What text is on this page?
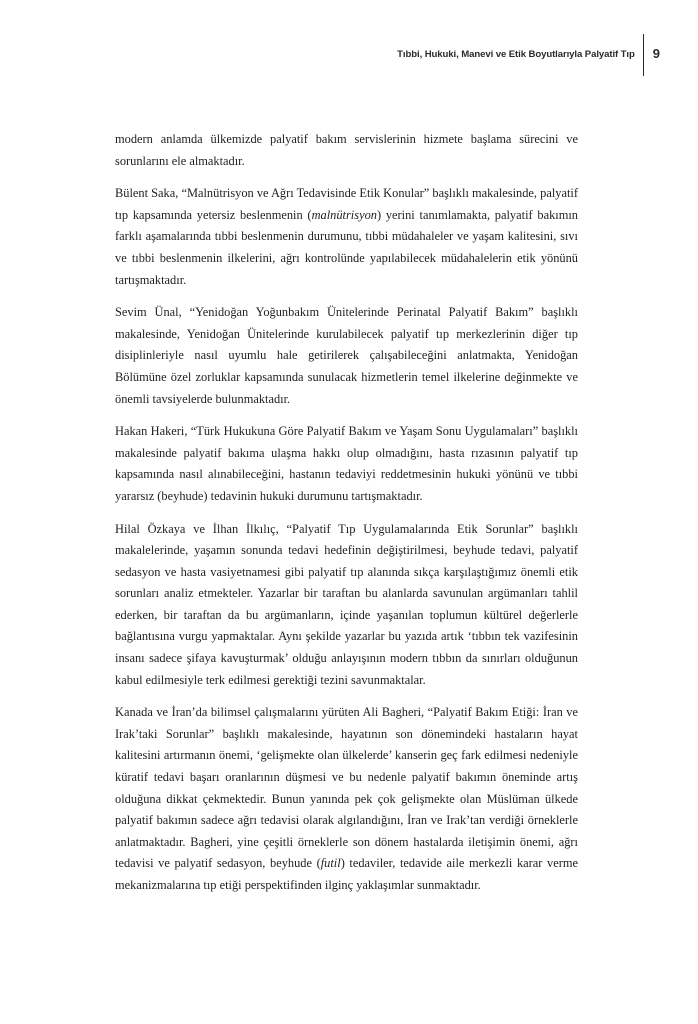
Tıbbi, Hukuki, Manevi ve Etik Boyutlarıyla Palyatif Tıp	9

modern anlamda ülkemizde palyatif bakım servislerinin hizmete başlama sürecini ve sorunlarını ele almaktadır.

Bülent Saka, “Malnütrisyon ve Ağrı Tedavisinde Etik Konular” başlıklı makalesinde, palyatif tıp kapsamında yetersiz beslenmenin (malnütrisyon) yerini tanımlamakta, palyatif bakımın farklı aşamalarında tıbbi beslenmenin durumunu, tıbbi müdahaleler ve yaşam kalitesini, sıvı ve tıbbi beslenmenin ilkelerini, ağrı kontrolünde yapılabilecek müdahalelerin etik yönünü tartışmaktadır.

Sevim Ünal, “Yenidoğan Yoğunbakım Ünitelerinde Perinatal Palyatif Bakım” başlıklı makalesinde, Yenidoğan Ünitelerinde kurulabilecek palyatif tıp merkezlerinin diğer tıp disiplinleriyle nasıl uyumlu hale getirilerek çalışabileceğini anlatmakta, Yenidoğan Bölümüne özel zorluklar kapsamında sunulacak hizmetlerin temel ilkelerine değinmekte ve önemli tavsiyelerde bulunmaktadır.

Hakan Hakeri, “Türk Hukukuna Göre Palyatif Bakım ve Yaşam Sonu Uygulamaları” başlıklı makalesinde palyatif bakıma ulaşma hakkı olup olmadığını, hasta rızasının palyatif tıp kapsamında nasıl alınabileceğini, hastanın tedaviyi reddetmesinin hukuki yönünü ve tıbbi yararsız (beyhude) tedavinin hukuki durumunu tartışmaktadır.

Hilal Özkaya ve İlhan İlkılıç, “Palyatif Tıp Uygulamalarında Etik Sorunlar” başlıklı makalelerinde, yaşamın sonunda tedavi hedefinin değiştirilmesi, beyhude tedavi, palyatif sedasyon ve hasta vasiyetnamesi gibi palyatif tıp alanında sıkça karşılaştığımız önemli etik sorunları analiz etmekteler. Yazarlar bir taraftan bu alanlarda savunulan argümanları tahlil ederken, bir taraftan da bu argümanların, içinde yaşanılan toplumun kültürel değerlerle bağlantısına vurgu yapmaktalar. Aynı şekilde yazarlar bu yazıda artık ‘tıbbın tek vazifesinin insanı sadece şifaya kavuşturmak’ olduğu anlayışının modern tıbbın da sınırları olduğunun kabul edilmesiyle terk edilmesi gerektiği tezini savunmaktalar.

Kanada ve İran’da bilimsel çalışmalarını yürüten Ali Bagheri, “Palyatif Bakım Etiği: İran ve Irak’taki Sorunlar” başlıklı makalesinde, hayatının son dönemindeki hastaların hayat kalitesini artırmanın önemi, ‘gelişmekte olan ülkelerde’ kanserin geç fark edilmesi nedeniyle küratif tedavi başarı oranlarının düşmesi ve bu nedenle palyatif bakımın öneminde artış olduğuna dikkat çekmektedir. Bunun yanında pek çok gelişmekte olan Müslüman ülkede palyatif bakımın sadece ağrı tedavisi olarak algılandığını, İran ve Irak’tan verdiği örneklerle anlatmaktadır. Bagheri, yine çeşitli örneklerle son dönem hastalarda iletişimin önemi, ağrı tedavisi ve palyatif sedasyon, beyhude (futil) tedaviler, tedavide aile merkezli karar verme mekanizmalarına tıp etiği perspektifinden ilginç yaklaşımlar sunmaktadır.
